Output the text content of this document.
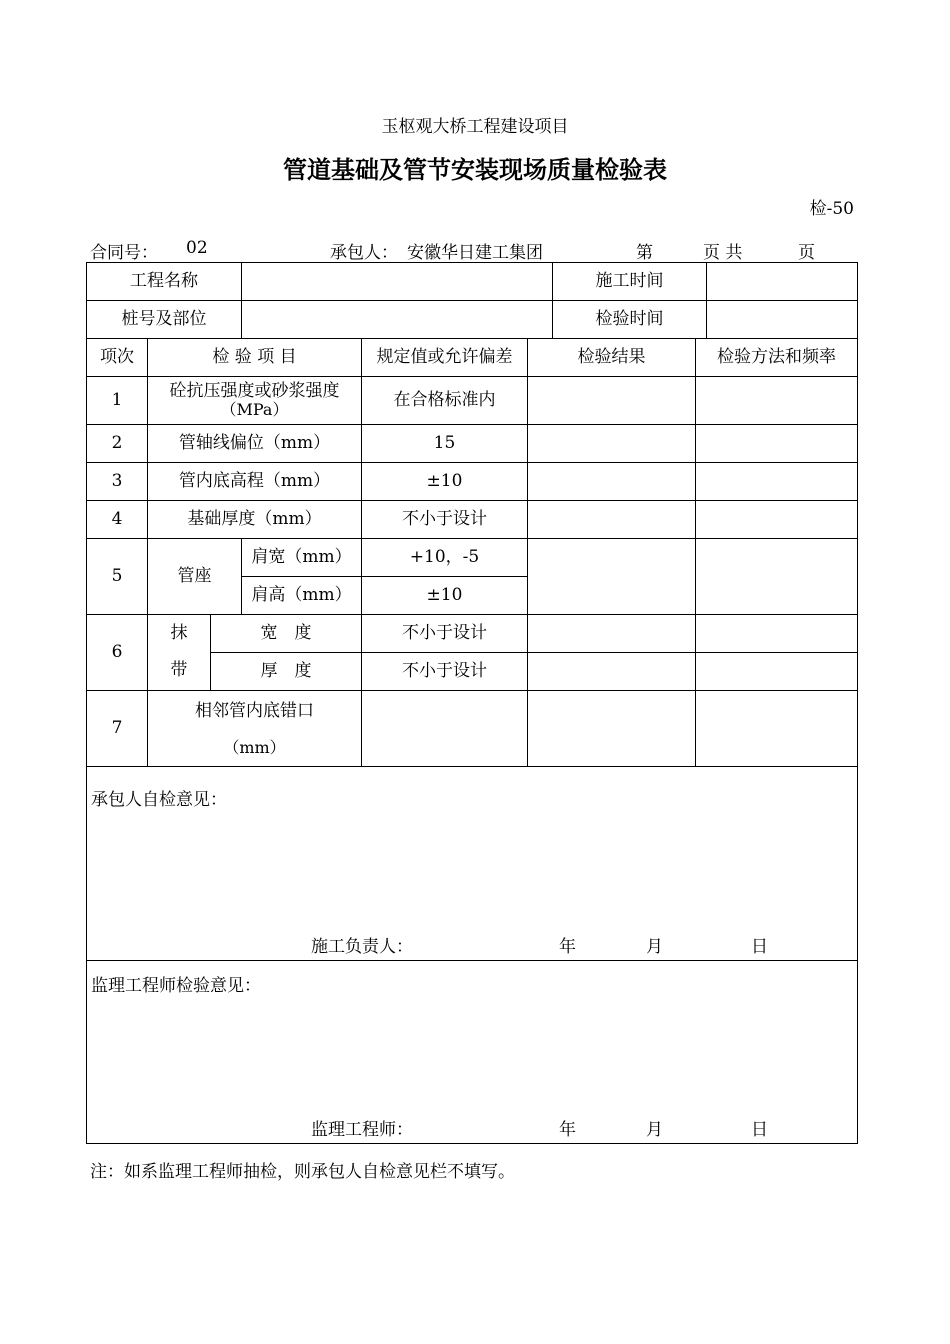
玉枢观大桥工程建设项目
管道基础及管节安装现场质量检验表
检-50
合同号： 02	承包人： 安徽华日建工集团	第	页 共	页
工程名称		施工时间	
桩号及部位		检验时间	
项次	检 验 项 目			规定值或允许偏差	检验结果	检验方法和频率
1	砼抗压强度或砂浆强度
（MPa）			在合格标准内		
2	管轴线偏位（mm）			15		
3	管内底高程（mm）			±10		
4	基础厚度（mm）			不小于设计		
5	管座		肩宽（mm）	+10，-5		
			肩高（mm）	±10		
6	抹	宽　度		不小于设计		
	带	厚　度		不小于设计		
7	相邻管内底错口
（mm）					

承包人自检意见：
施工负责人： 年 月 日						

监理工程师检验意见：
监理工程师： 年 月 日						
注：如系监理工程师抽检，则承包人自检意见栏不填写。
